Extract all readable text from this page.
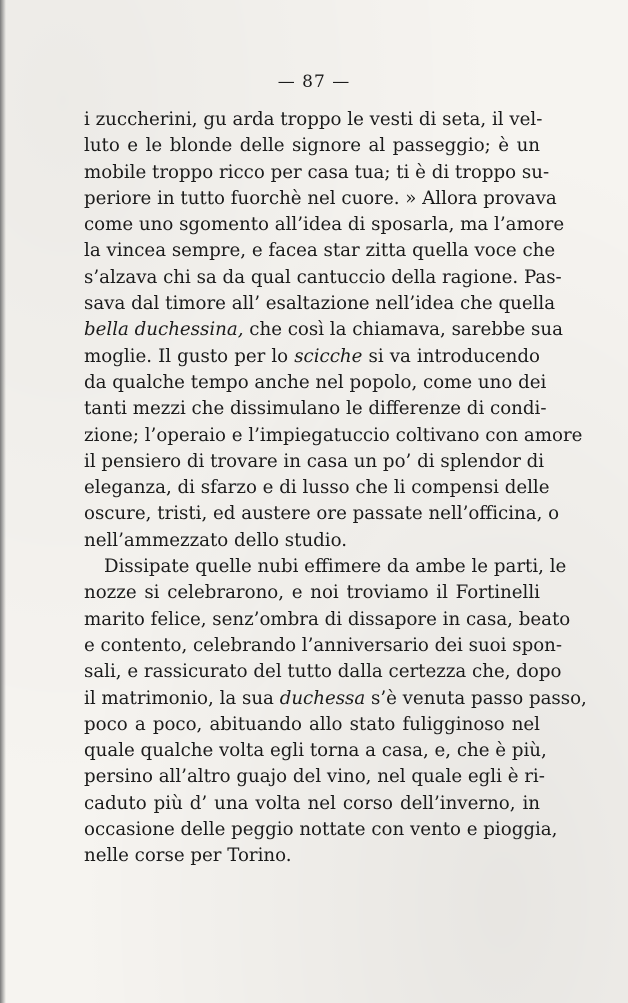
— 87 —
i zuccherini, gu arda troppo le vesti di seta, il vel-
luto e le blonde delle signore al passeggio; è un
mobile troppo ricco per casa tua; ti è di troppo su-
periore in tutto fuorchè nel cuore. » Allora provava
come uno sgomento all’idea di sposarla, ma l’amore
la vincea sempre, e facea star zitta quella voce che
s’alzava chi sa da qual cantuccio della ragione. Pas-
sava dal timore all’ esaltazione nell’idea che quella
bella duchessina, che così la chiamava, sarebbe sua
moglie. Il gusto per lo scicche si va introducendo
da qualche tempo anche nel popolo, come uno dei
tanti mezzi che dissimulano le differenze di condi-
zione; l’operaio e l’impiegatuccio coltivano con amore
il pensiero di trovare in casa un po’ di splendor di
eleganza, di sfarzo e di lusso che li compensi delle
oscure, tristi, ed austere ore passate nell’officina, o
nell’ammezzato dello studio.
Dissipate quelle nubi effimere da ambe le parti, le
nozze si celebrarono, e noi troviamo il Fortinelli
marito felice, senz’ombra di dissapore in casa, beato
e contento, celebrando l’anniversario dei suoi spon-
sali, e rassicurato del tutto dalla certezza che, dopo
il matrimonio, la sua duchessa s’è venuta passo passo,
poco a poco, abituando allo stato fuligginoso nel
quale qualche volta egli torna a casa, e, che è più,
persino all’altro guajo del vino, nel quale egli è ri-
caduto più d’ una volta nel corso dell’inverno, in
occasione delle peggio nottate con vento e pioggia,
nelle corse per Torino.
